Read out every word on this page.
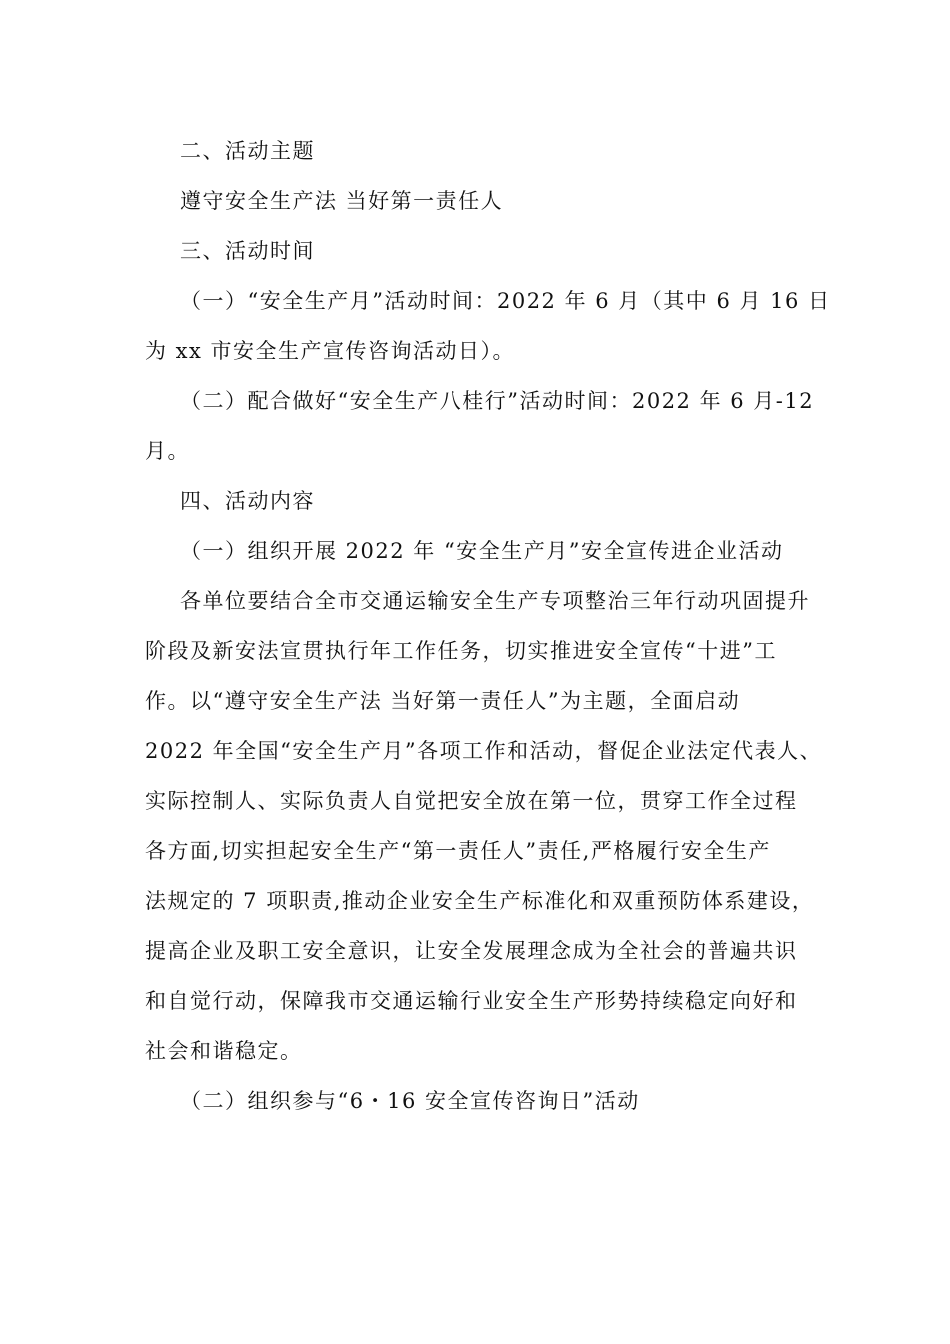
二、活动主题
遵守安全生产法 当好第一责任人
三、活动时间
（一）“安全生产月”活动时间：2022 年 6 月（其中 6 月 16 日
为 xx 市安全生产宣传咨询活动日）。
（二）配合做好“安全生产八桂行”活动时间：2022 年 6 月-12
月。
四、活动内容
（一）组织开展 2022 年 “安全生产月”安全宣传进企业活动
各单位要结合全市交通运输安全生产专项整治三年行动巩固提升
阶段及新安法宣贯执行年工作任务，切实推进安全宣传“十进”工
作。以“遵守安全生产法 当好第一责任人”为主题，全面启动
2022 年全国“安全生产月”各项工作和活动，督促企业法定代表人、
实际控制人、实际负责人自觉把安全放在第一位，贯穿工作全过程
各方面,切实担起安全生产“第一责任人”责任,严格履行安全生产
法规定的 7 项职责,推动企业安全生产标准化和双重预防体系建设，
提高企业及职工安全意识，让安全发展理念成为全社会的普遍共识
和自觉行动，保障我市交通运输行业安全生产形势持续稳定向好和
社会和谐稳定。
（二）组织参与“6・16 安全宣传咨询日”活动
